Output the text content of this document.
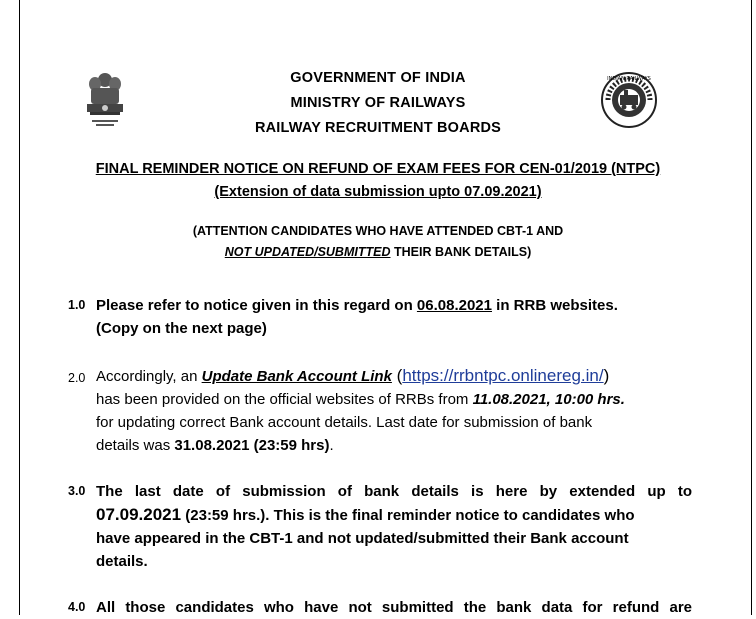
INDIAN RAILWAYS
GOVERNMENT OF INDIA
MINISTRY OF RAILWAYS
RAILWAY RECRUITMENT BOARDS
FINAL REMINDER NOTICE ON REFUND OF EXAM FEES FOR CEN-01/2019 (NTPC)
(Extension of data submission upto 07.09.2021)
(ATTENTION CANDIDATES WHO HAVE ATTENDED CBT-1 AND
NOT UPDATED/SUBMITTED THEIR BANK DETAILS)
1.0 Please refer to notice given in this regard on 06.08.2021 in RRB websites.
(Copy on the next page)
2.0 Accordingly, an Update Bank Account Link (https://rrbntpc.onlinereg.in/)
has been provided on the official websites of RRBs from 11.08.2021, 10:00 hrs.
for updating correct Bank account details. Last date for submission of bank
details was 31.08.2021 (23:59 hrs).
3.0 The last date of submission of bank details is here by extended up to
07.09.2021 (23:59 hrs.). This is the final reminder notice to candidates who
have appeared in the CBT-1 and not updated/submitted their Bank account
details.
4.0 All those candidates who have not submitted the bank data for refund are
